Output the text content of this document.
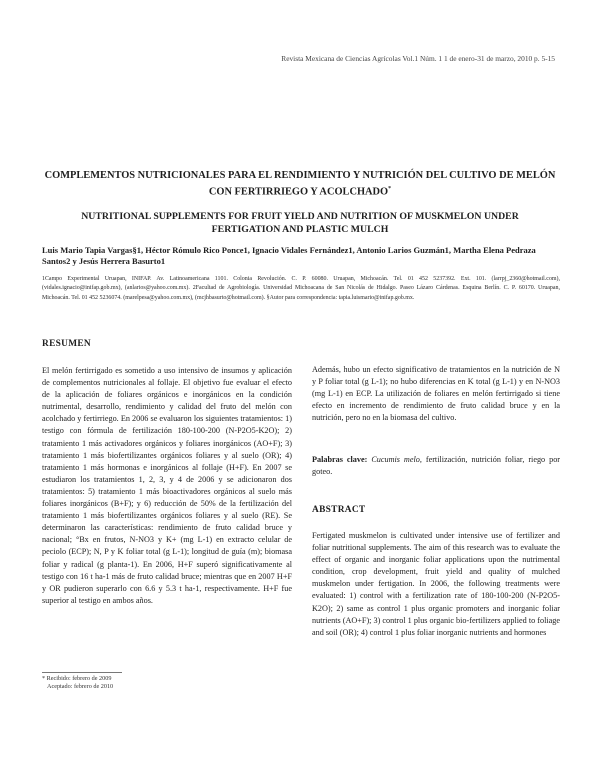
Revista Mexicana de Ciencias Agrícolas Vol.1 Núm. 1 1 de enero-31 de marzo, 2010 p. 5-15
COMPLEMENTOS NUTRICIONALES PARA EL RENDIMIENTO Y NUTRICIÓN DEL CULTIVO DE MELÓN CON FERTIRRIEGO Y ACOLCHADO*
NUTRITIONAL SUPPLEMENTS FOR FRUIT YIELD AND NUTRITION OF MUSKMELON UNDER FERTIGATION AND PLASTIC MULCH
Luis Mario Tapia Vargas§1, Héctor Rómulo Rico Ponce1, Ignacio Vidales Fernández1, Antonio Larios Guzmán1, Martha Elena Pedraza Santos2 y Jesús Herrera Basurto1
1Campo Experimental Uruapan, INIFAP. Av. Latinoamericana 1101. Colonia Revolución. C. P. 60080. Uruapan, Michoacán. Tel. 01 452 5237392. Ext. 101. (larrpj_2360@hotmail.com), (vidales.ignacio@inifap.gob.mx), (anlarios@yahoo.com.mx). 2Facultad de Agrobiología. Universidad Michoacana de San Nicolás de Hidalgo. Paseo Lázaro Cárdenas. Esquina Berlín. C. P. 60170. Uruapan, Michoacán. Tel. 01 452 5236074. (marelpesa@yahoo.com.mx), (mcjhbasurto@hotmail.com). §Autor para correspondencia: tapia.luismario@inifap.gob.mx.
RESUMEN
El melón fertirrigado es sometido a uso intensivo de insumos y aplicación de complementos nutricionales al follaje. El objetivo fue evaluar el efecto de la aplicación de foliares orgánicos e inorgánicos en la condición nutrimental, desarrollo, rendimiento y calidad del fruto del melón con acolchado y fertirriego. En 2006 se evaluaron los siguientes tratamientos: 1) testigo con fórmula de fertilización 180-100-200 (N-P2O5-K2O); 2) tratamiento 1 más activadores orgánicos y foliares inorgánicos (AO+F); 3) tratamiento 1 más biofertilizantes orgánicos foliares y al suelo (OR); 4) tratamiento 1 más hormonas e inorgánicos al follaje (H+F). En 2007 se estudiaron los tratamientos 1, 2, 3, y 4 de 2006 y se adicionaron dos tratamientos: 5) tratamiento 1 más bioactivadores orgánicos al suelo más foliares inorgánicos (B+F); y 6) reducción de 50% de la fertilización del tratamiento 1 más biofertilizantes orgánicos foliares y al suelo (RE). Se determinaron las características: rendimiento de fruto calidad bruce y nacional; °Bx en frutos, N-NO3 y K+ (mg L-1) en extracto celular de peciolo (ECP); N, P y K foliar total (g L-1); longitud de guía (m); biomasa foliar y radical (g planta-1). En 2006, H+F superó significativamente al testigo con 16 t ha-1 más de fruto calidad bruce; mientras que en 2007 H+F y OR pudieron superarlo con 6.6 y 5.3 t ha-1, respectivamente. H+F fue superior al testigo en ambos años.
Además, hubo un efecto significativo de tratamientos en la nutrición de N y P foliar total (g L-1); no hubo diferencias en K total (g L-1) y en N-NO3 (mg L-1) en ECP. La utilización de foliares en melón fertirrigado si tiene efecto en incremento de rendimiento de fruto calidad bruce y en la nutrición, pero no en la biomasa del cultivo.
Palabras clave: Cucumis melo, fertilización, nutrición foliar, riego por goteo.
ABSTRACT
Fertigated muskmelon is cultivated under intensive use of fertilizer and foliar nutritional supplements. The aim of this research was to evaluate the effect of organic and inorganic foliar applications upon the nutrimental condition, crop development, fruit yield and quality of mulched muskmelon under fertigation. In 2006, the following treatments were evaluated: 1) control with a fertilization rate of 180-100-200 (N-P2O5-K2O); 2) same as control 1 plus organic promoters and inorganic foliar nutrients (AO+F); 3) control 1 plus organic bio-fertilizers applied to foliage and soil (OR); 4) control 1 plus foliar inorganic nutrients and hormones
* Recibido: febrero de 2009
Aceptado: febrero de 2010
